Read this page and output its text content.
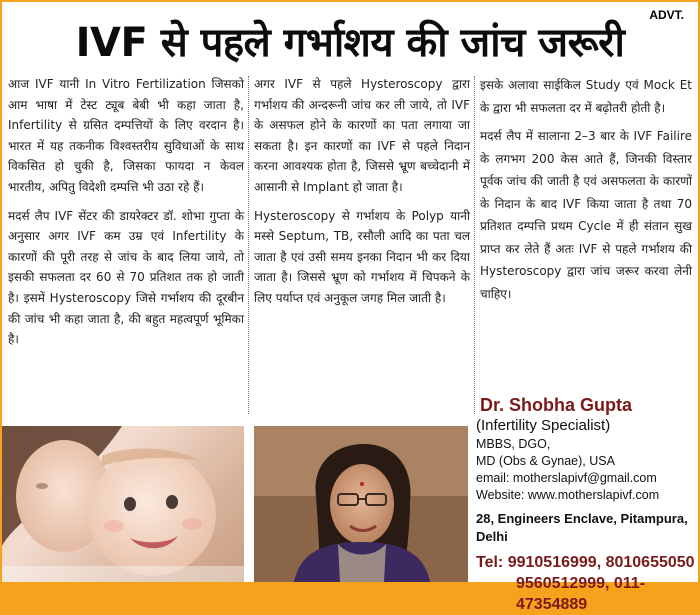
ADVT.
IVF से पहले गर्भाशय की जांच जरूरी

आज IVF यानी In Vitro Fertilization जिसको आम भाषा में टेस्ट ट्यूब बेबी भी कहा जाता है, Infertility से ग्रसित दम्पत्तियों के लिए वरदान है। भारत में यह तकनीक विश्वस्तरीय सुविधाओं के साथ विकसित हो चुकी है, जिसका फायदा न केवल भारतीय, अपितु विदेशी दम्पत्ति भी उठा रहे हैं।

मदर्स लैप IVF सेंटर की डायरेक्टर डॉ. शोभा गुप्ता के अनुसार अगर IVF कम उम्र एवं Infertility के कारणों की पूरी तरह से जांच के बाद लिया जाये, तो इसकी सफलता दर 60 से 70 प्रतिशत तक हो जाती है। इसमें Hysteroscopy जिसे गर्भाशय की दूरबीन की जांच भी कहा जाता है, की बहुत महत्वपूर्ण भूमिका है।

अगर IVF से पहले Hysteroscopy द्वारा गर्भाशय की अन्दरूनी जांच कर ली जाये, तो IVF के असफल होने के कारणों का पता लगाया जा सकता है। इन कारणों का IVF से पहले निदान करना आवश्यक होता है, जिससे भ्रूण बच्चेदानी में आसानी से Implant हो जाता है।

Hysteroscopy से गर्भाशय के Polyp यानी मस्से Septum, TB, रसौली आदि का पता चल जाता है एवं उसी समय इनका निदान भी कर दिया जाता है। जिससे भ्रूण को गर्भाशय में चिपकने के लिए पर्याप्त एवं अनुकूल जगह मिल जाती है।

इसके अलावा साईकिल Study एवं Mock Et के द्वारा भी सफलता दर में बढ़ोतरी होती है।

मदर्स लैप में सालाना 2–3 बार के IVF Failire के लगभग 200 केस आते हैं, जिनकी विस्तार पूर्वक जांच की जाती है एवं असफलता के कारणों के निदान के बाद IVF किया जाता है तथा 70 प्रतिशत दम्पत्ति प्रथम Cycle में ही संतान सुख प्राप्त कर लेते हैं अतः IVF से पहले गर्भाशय की Hysteroscopy द्वारा जांच जरूर करवा लेनी चाहिए।

Dr. Shobha Gupta
(Infertility Specialist)
MBBS, DGO,
MD (Obs & Gynae), USA
email: motherslapivf@gmail.com
Website: www.motherslapivf.com
28, Engineers Enclave, Pitampura, Delhi
Tel: 9910516999, 8010655050
9560512999, 011-47354889
